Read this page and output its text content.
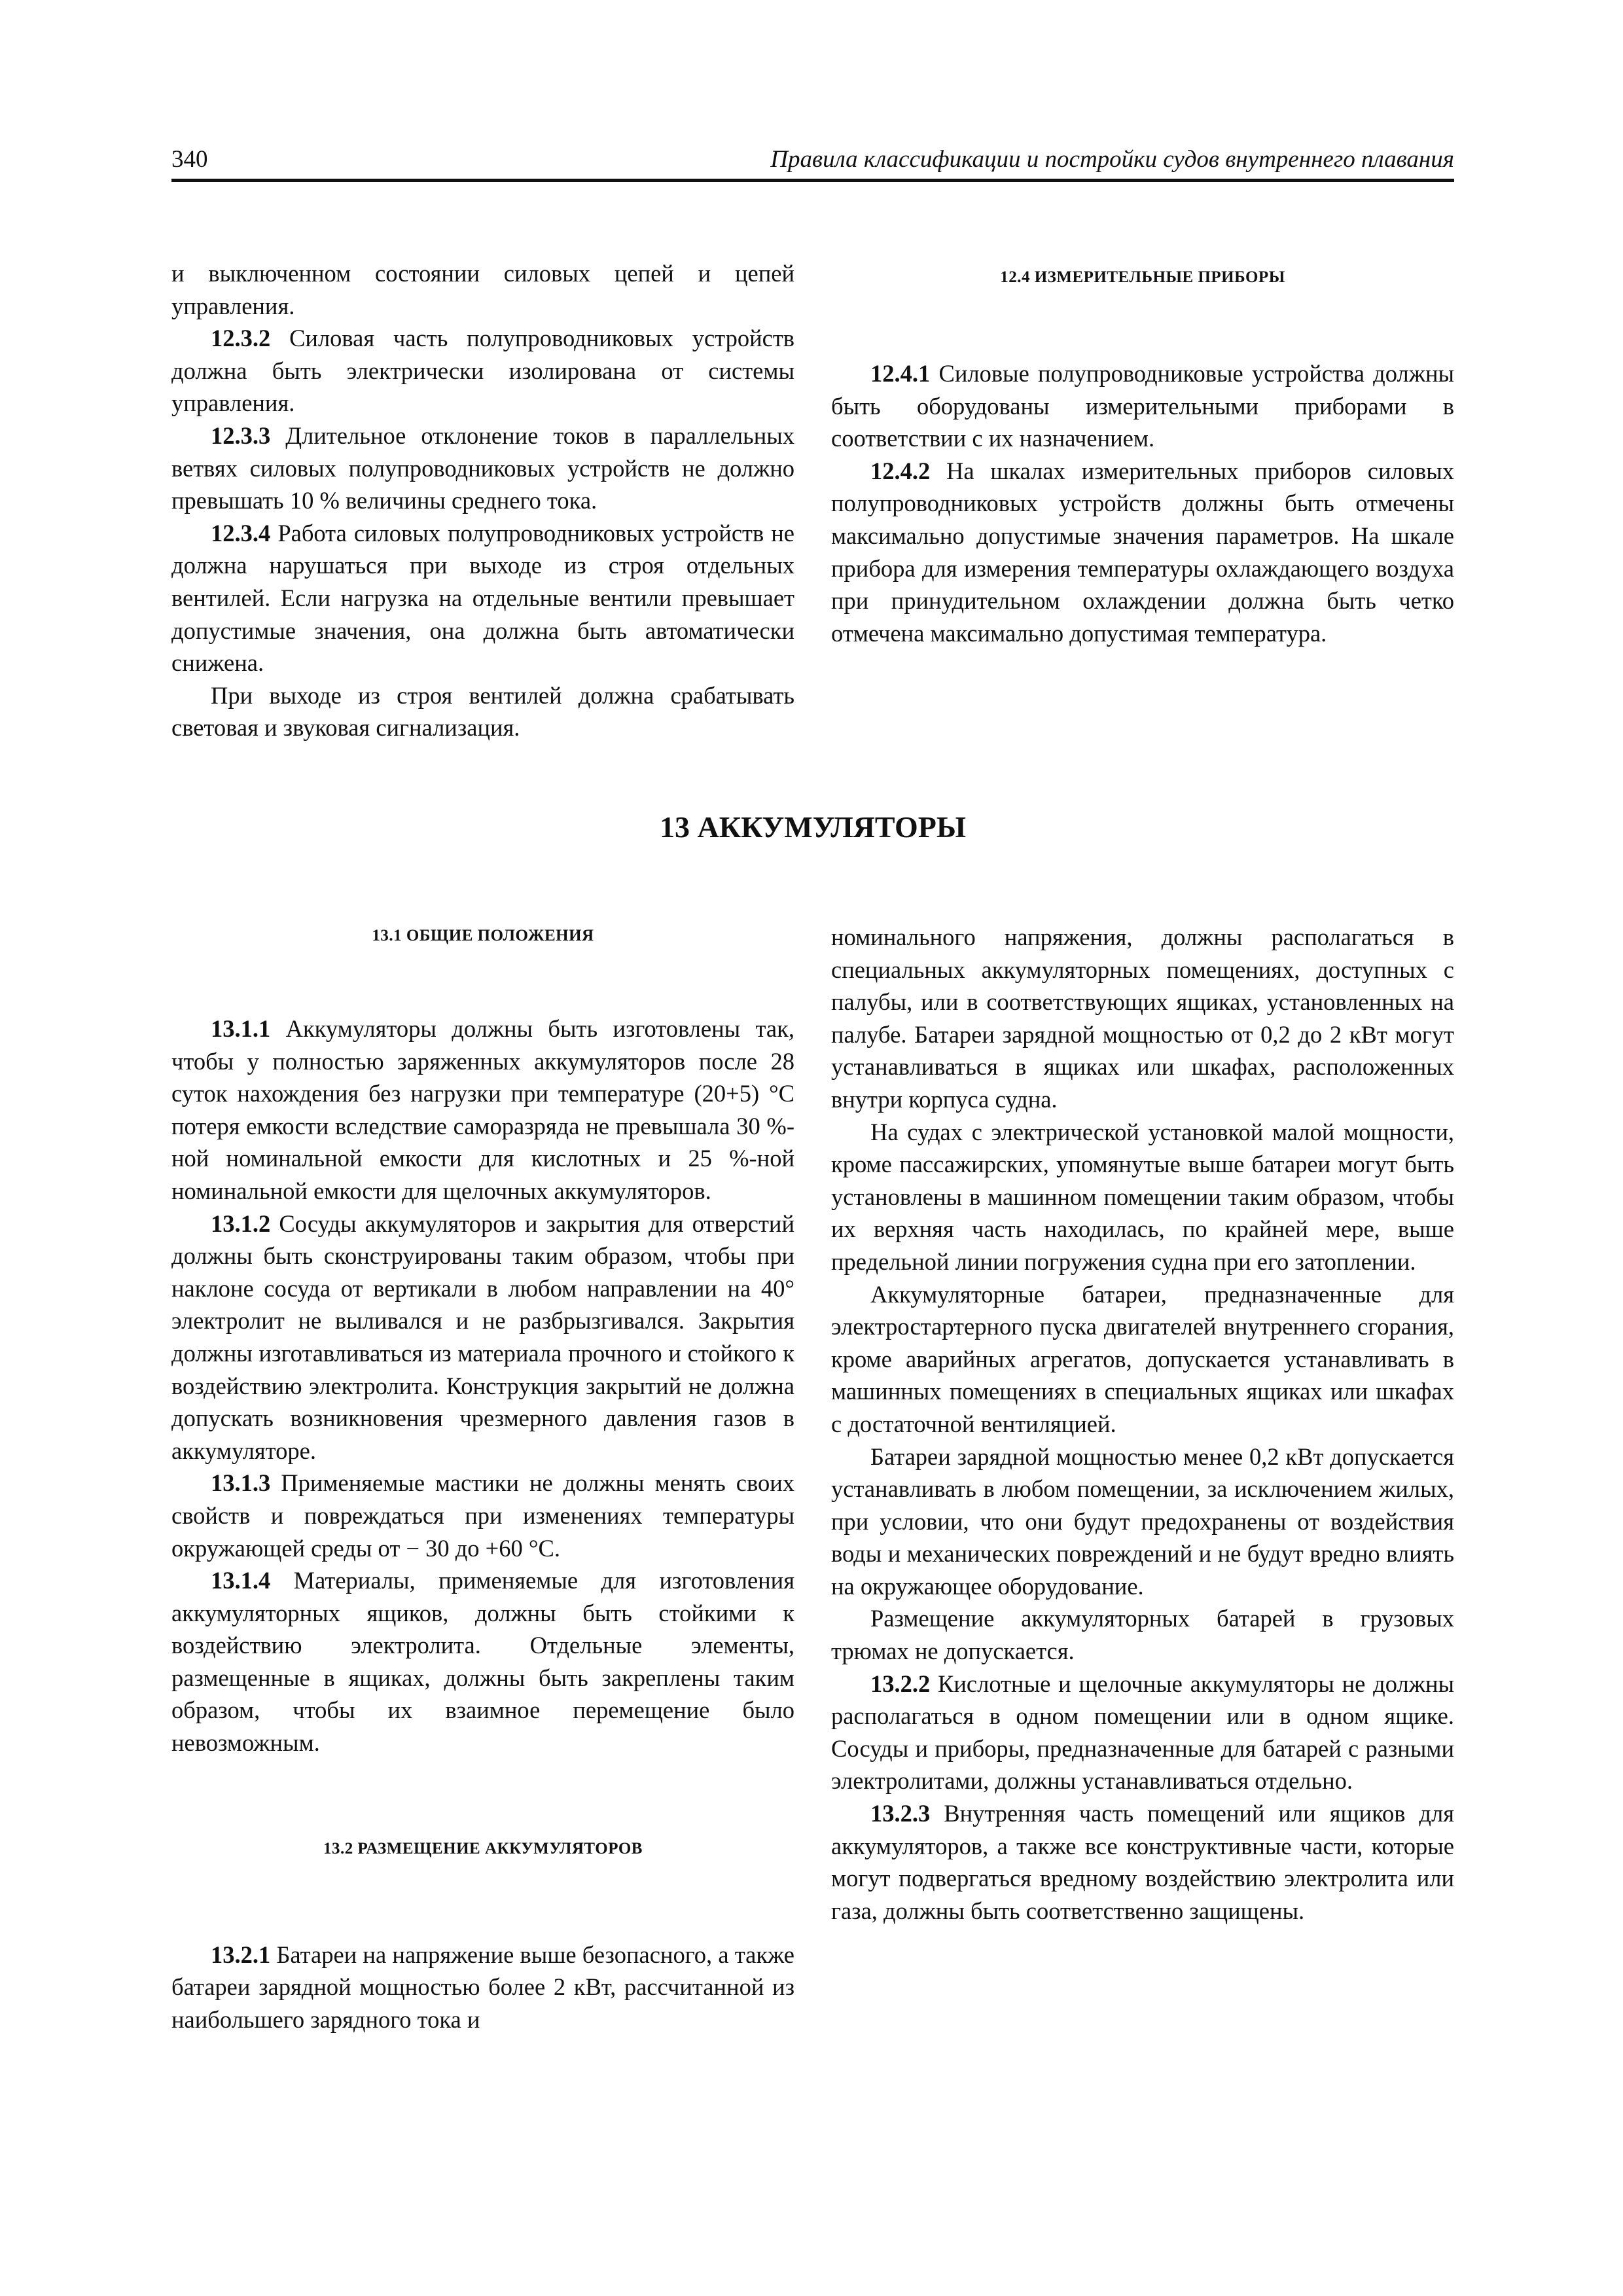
340	Правила классификации и постройки судов внутреннего плавания

и выключенном состоянии силовых цепей и цепей управления.

12.3.2 Силовая часть полупроводниковых устройств должна быть электрически изолирована от системы управления.

12.3.3 Длительное отклонение токов в параллельных ветвях силовых полупроводниковых устройств не должно превышать 10 % величины среднего тока.

12.3.4 Работа силовых полупроводниковых устройств не должна нарушаться при выходе из строя отдельных вентилей. Если нагрузка на отдельные вентили превышает допустимые значения, она должна быть автоматически снижена.

При выходе из строя вентилей должна срабатывать световая и звуковая сигнализация.

12.4 ИЗМЕРИТЕЛЬНЫЕ ПРИБОРЫ

12.4.1 Силовые полупроводниковые устройства должны быть оборудованы измерительными приборами в соответствии с их назначением.

12.4.2 На шкалах измерительных приборов силовых полупроводниковых устройств должны быть отмечены максимально допустимые значения параметров. На шкале прибора для измерения температуры охлаждающего воздуха при принудительном охлаждении должна быть четко отмечена максимально допустимая температура.

13 АККУМУЛЯТОРЫ
13.1 ОБЩИЕ ПОЛОЖЕНИЯ

13.1.1 Аккумуляторы должны быть изготовлены так, чтобы у полностью заряженных аккумуляторов после 28 суток нахождения без нагрузки при температуре (20+5) °С потеря емкости вследствие саморазряда не превышала 30 %-ной номинальной емкости для кислотных и 25 %-ной номинальной емкости для щелочных аккумуляторов.

13.1.2 Сосуды аккумуляторов и закрытия для отверстий должны быть сконструированы таким образом, чтобы при наклоне сосуда от вертикали в любом направлении на 40° электролит не выливался и не разбрызгивался. Закрытия должны изготавливаться из материала прочного и стойкого к воздействию электролита. Конструкция закрытий не должна допускать возникновения чрезмерного давления газов в аккумуляторе.

13.1.3 Применяемые мастики не должны менять своих свойств и повреждаться при изменениях температуры окружающей среды от − 30 до +60 °С.

13.1.4 Материалы, применяемые для изготовления аккумуляторных ящиков, должны быть стойкими к воздействию электролита. Отдельные элементы, размещенные в ящиках, должны быть закреплены таким образом, чтобы их взаимное перемещение было невозможным.

13.2 РАЗМЕЩЕНИЕ АККУМУЛЯТОРОВ

13.2.1 Батареи на напряжение выше безопасного, а также батареи зарядной мощностью более 2 кВт, рассчитанной из наибольшего зарядного тока и

номинального напряжения, должны располагаться в специальных аккумуляторных помещениях, доступных с палубы, или в соответствующих ящиках, установленных на палубе. Батареи зарядной мощностью от 0,2 до 2 кВт могут устанавливаться в ящиках или шкафах, расположенных внутри корпуса судна.

На судах с электрической установкой малой мощности, кроме пассажирских, упомянутые выше батареи могут быть установлены в машинном помещении таким образом, чтобы их верхняя часть находилась, по крайней мере, выше предельной линии погружения судна при его затоплении.

Аккумуляторные батареи, предназначенные для электростартерного пуска двигателей внутреннего сгорания, кроме аварийных агрегатов, допускается устанавливать в машинных помещениях в специальных ящиках или шкафах с достаточной вентиляцией.

Батареи зарядной мощностью менее 0,2 кВт допускается устанавливать в любом помещении, за исключением жилых, при условии, что они будут предохранены от воздействия воды и механических повреждений и не будут вредно влиять на окружающее оборудование.

Размещение аккумуляторных батарей в грузовых трюмах не допускается.

13.2.2 Кислотные и щелочные аккумуляторы не должны располагаться в одном помещении или в одном ящике. Сосуды и приборы, предназначенные для батарей с разными электролитами, должны устанавливаться отдельно.

13.2.3 Внутренняя часть помещений или ящиков для аккумуляторов, а также все конструктивные части, которые могут подвергаться вредному воздействию электролита или газа, должны быть соответственно защищены.
